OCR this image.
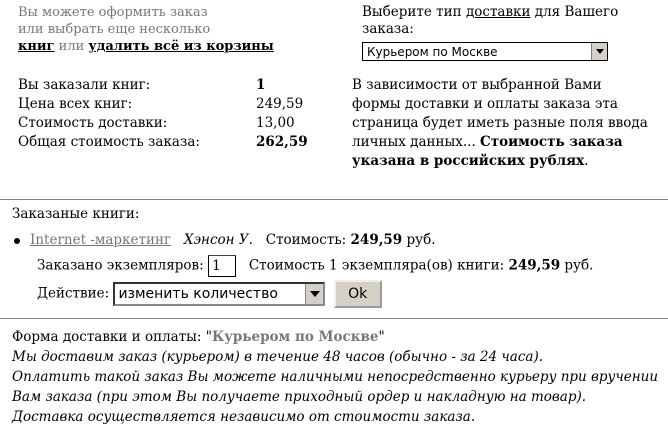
Вы можете оформить заказ
или выбрать еще несколько
книг или удалить всё из корзины
Выберите тип доставки для Вашего заказа:
Курьером по Москве
Вы заказали книг:	1
Цена всех книг:	249,59
Стоимость доставки:	13,00
Общая стоимость заказа:	262,59
В зависимости от выбранной Вами формы доставки и оплаты заказа эта страница будет иметь разные поля ввода личных данных... Стоимость заказа указана в российских рублях.
Заказаные книги:
Internet -маркетинг Хэнсон У. Стоимость: 249,59 руб.
Заказано экземпляров: 1 Стоимость 1 экземпляра(ов) книги: 249,59 руб.
Действие: изменить количество	Ok
Форма доставки и оплаты: "Курьером по Москве"
Мы доставим заказ (курьером) в течение 48 часов (обычно - за 24 часа).
Оплатить такой заказ Вы можете наличными непосредственно курьеру при вручении
Вам заказа (при этом Вы получаете приходный ордер и накладную на товар).
Доставка осуществляется независимо от стоимости заказа.
